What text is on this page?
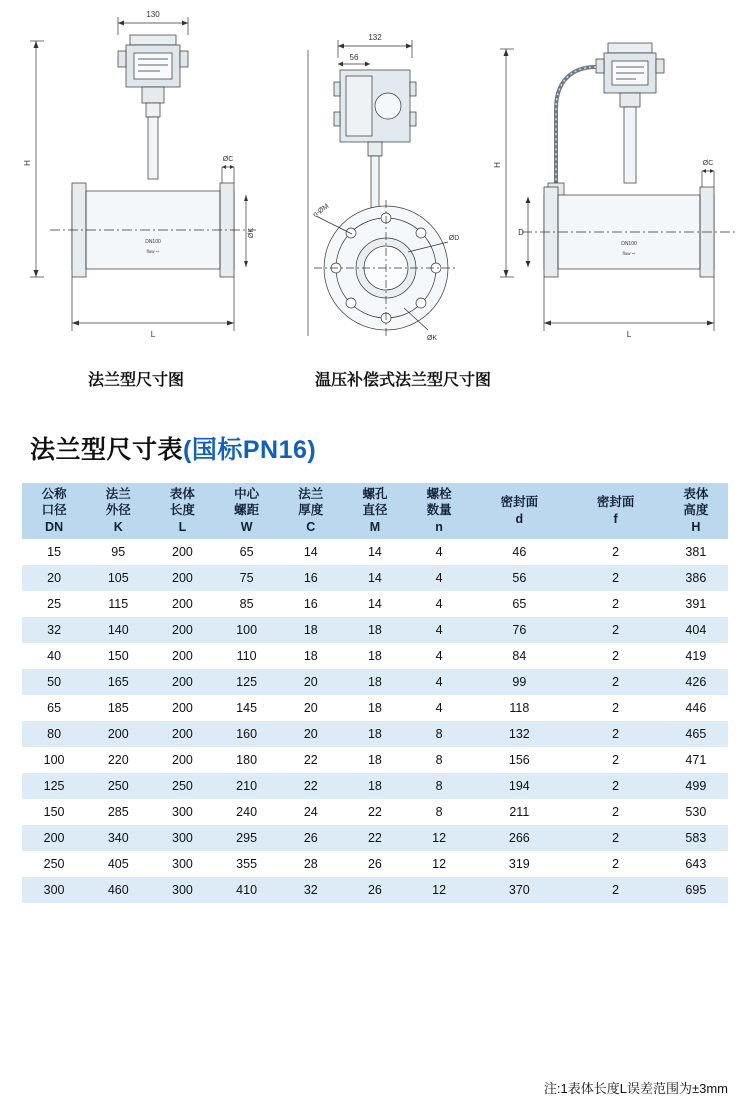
130
H
L
ØC
ØK
DN100
flow ⇨
法兰型尺寸图
132
56
n-ØM
ØD
ØK
温压补偿式法兰型尺寸图
H
D
L
ØC
DN100
flow ⇨
法兰型尺寸表(国标PN16)
公称
口径
DN	法兰
外径
K	表体
长度
L	中心
螺距
W	法兰
厚度
C	螺孔
直径
M	螺栓
数量
n	密封面
d	密封面
f	表体
高度
H

15	95	200	65	14	14	4	46	2	381
20	105	200	75	16	14	4	56	2	386
25	115	200	85	16	14	4	65	2	391
32	140	200	100	18	18	4	76	2	404
40	150	200	110	18	18	4	84	2	419
50	165	200	125	20	18	4	99	2	426
65	185	200	145	20	18	4	118	2	446
80	200	200	160	20	18	8	132	2	465
100	220	200	180	22	18	8	156	2	471
125	250	250	210	22	18	8	194	2	499
150	285	300	240	24	22	8	211	2	530
200	340	300	295	26	22	12	266	2	583
250	405	300	355	28	26	12	319	2	643
300	460	300	410	32	26	12	370	2	695
注:1表体长度L误差范围为±3mm
